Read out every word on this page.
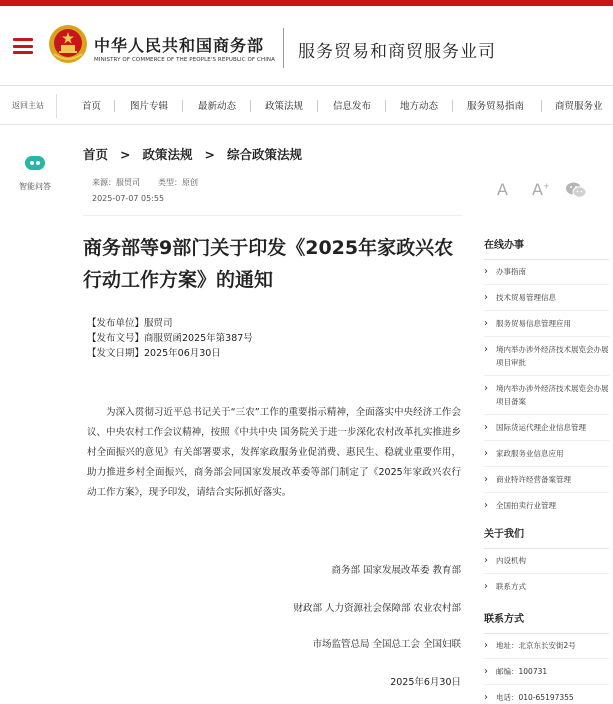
中华人民共和国商务部
MINISTRY OF COMMERCE OF THE PEOPLE'S REPUBLIC OF CHINA 服务贸易和商贸服务业司
返回主站	首页	图片专辑	最新动态	政策法规	信息发布	地方动态	服务贸易指南	商贸服务业
智能问答
首页 > 政策法规 > 综合政策法规
来源：服贸司 类型：原创
2025-07-07 05:55	A A+
商务部等9部门关于印发《2025年家政兴农行动工作方案》的通知
【发布单位】服贸司
【发布文号】商服贸函2025年第387号
【发文日期】2025年06月30日
为深入贯彻习近平总书记关于“三农”工作的重要指示精神，全面落实中央经济工作会议、中央农村工作会议精神，按照《中共中央 国务院关于进一步深化农村改革扎实推进乡村全面振兴的意见》有关部署要求，发挥家政服务业促消费、惠民生、稳就业重要作用，助力推进乡村全面振兴，商务部会同国家发展改革委等部门制定了《2025年家政兴农行动工作方案》，现予印发，请结合实际抓好落实。
商务部 国家发展改革委 教育部
财政部 人力资源社会保障部 农业农村部
市场监管总局 全国总工会 全国妇联
2025年6月30日
在线办事
› 办事指南
› 技术贸易管理信息
› 服务贸易信息管理应用
› 境内举办涉外经济技术展览会办展项目审批
› 境内举办涉外经济技术展览会办展项目备案
› 国际货运代理企业信息管理
› 家政服务业信息应用
› 商业特许经营备案管理
› 全国拍卖行业管理
关于我们
› 内设机构
› 联系方式
联系方式
› 地址：北京东长安街2号
› 邮编：100731
› 电话：010-65197355
